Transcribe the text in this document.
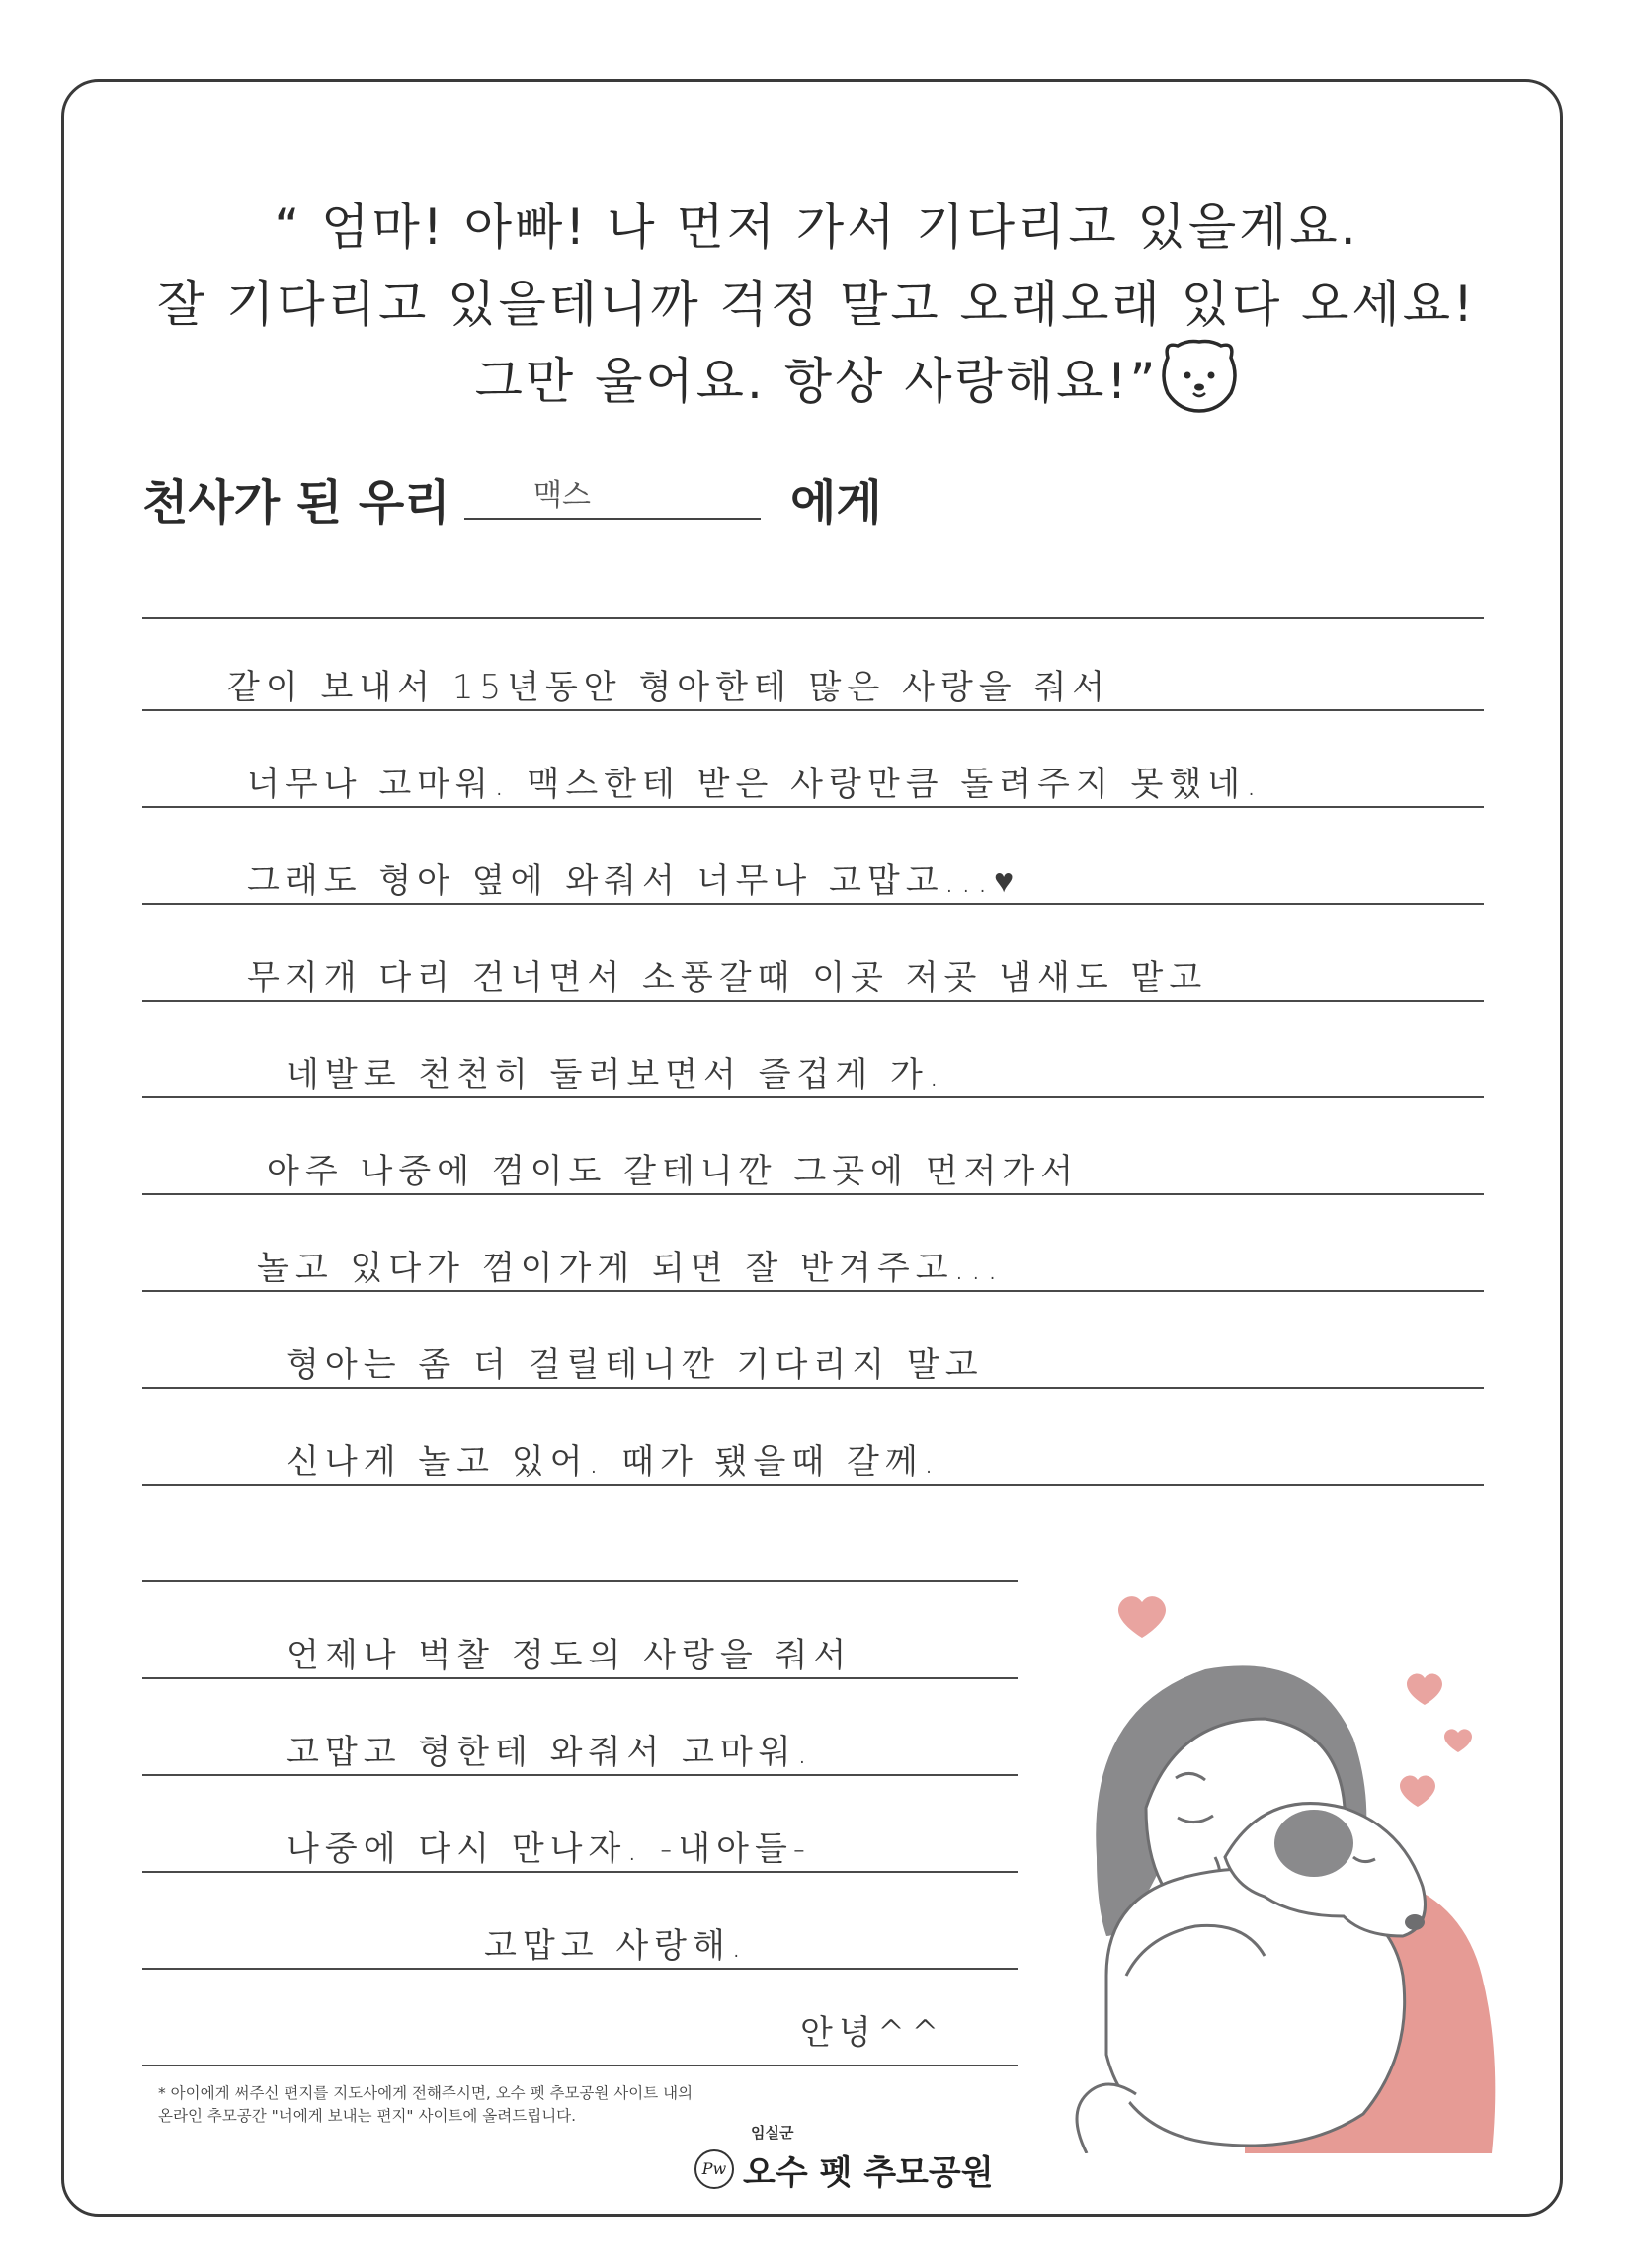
“ 엄마! 아빠! 나 먼저 가서 기다리고 있을게요.
잘 기다리고 있을테니까 걱정 말고 오래오래 있다 오세요!
그만 울어요. 항상 사랑해요!”
천사가 된 우리	맥스	에게
같이 보내서 15년동안 형아한테 많은 사랑을 줘서
너무나 고마워. 맥스한테 받은 사랑만큼 돌려주지 못했네.
그래도 형아 옆에 와줘서 너무나 고맙고...♥
무지개 다리 건너면서 소풍갈때 이곳 저곳 냄새도 맡고
네발로 천천히 둘러보면서 즐겁게 가.
아주 나중에 껌이도 갈테니깐 그곳에 먼저가서
놀고 있다가 껌이가게 되면 잘 반겨주고...
형아는 좀 더 걸릴테니깐 기다리지 말고
신나게 놀고 있어. 때가 됐을때 갈께.
언제나 벅찰 정도의 사랑을 줘서
고맙고 형한테 와줘서 고마워.
나중에 다시 만나자. -내아들-
고맙고 사랑해.
안녕^^
* 아이에게 써주신 편지를 지도사에게 전해주시면, 오수 펫 추모공원 사이트 내의
온라인 추모공간 "너에게 보내는 편지" 사이트에 올려드립니다.
임실군
Pw 오수 펫 추모공원
